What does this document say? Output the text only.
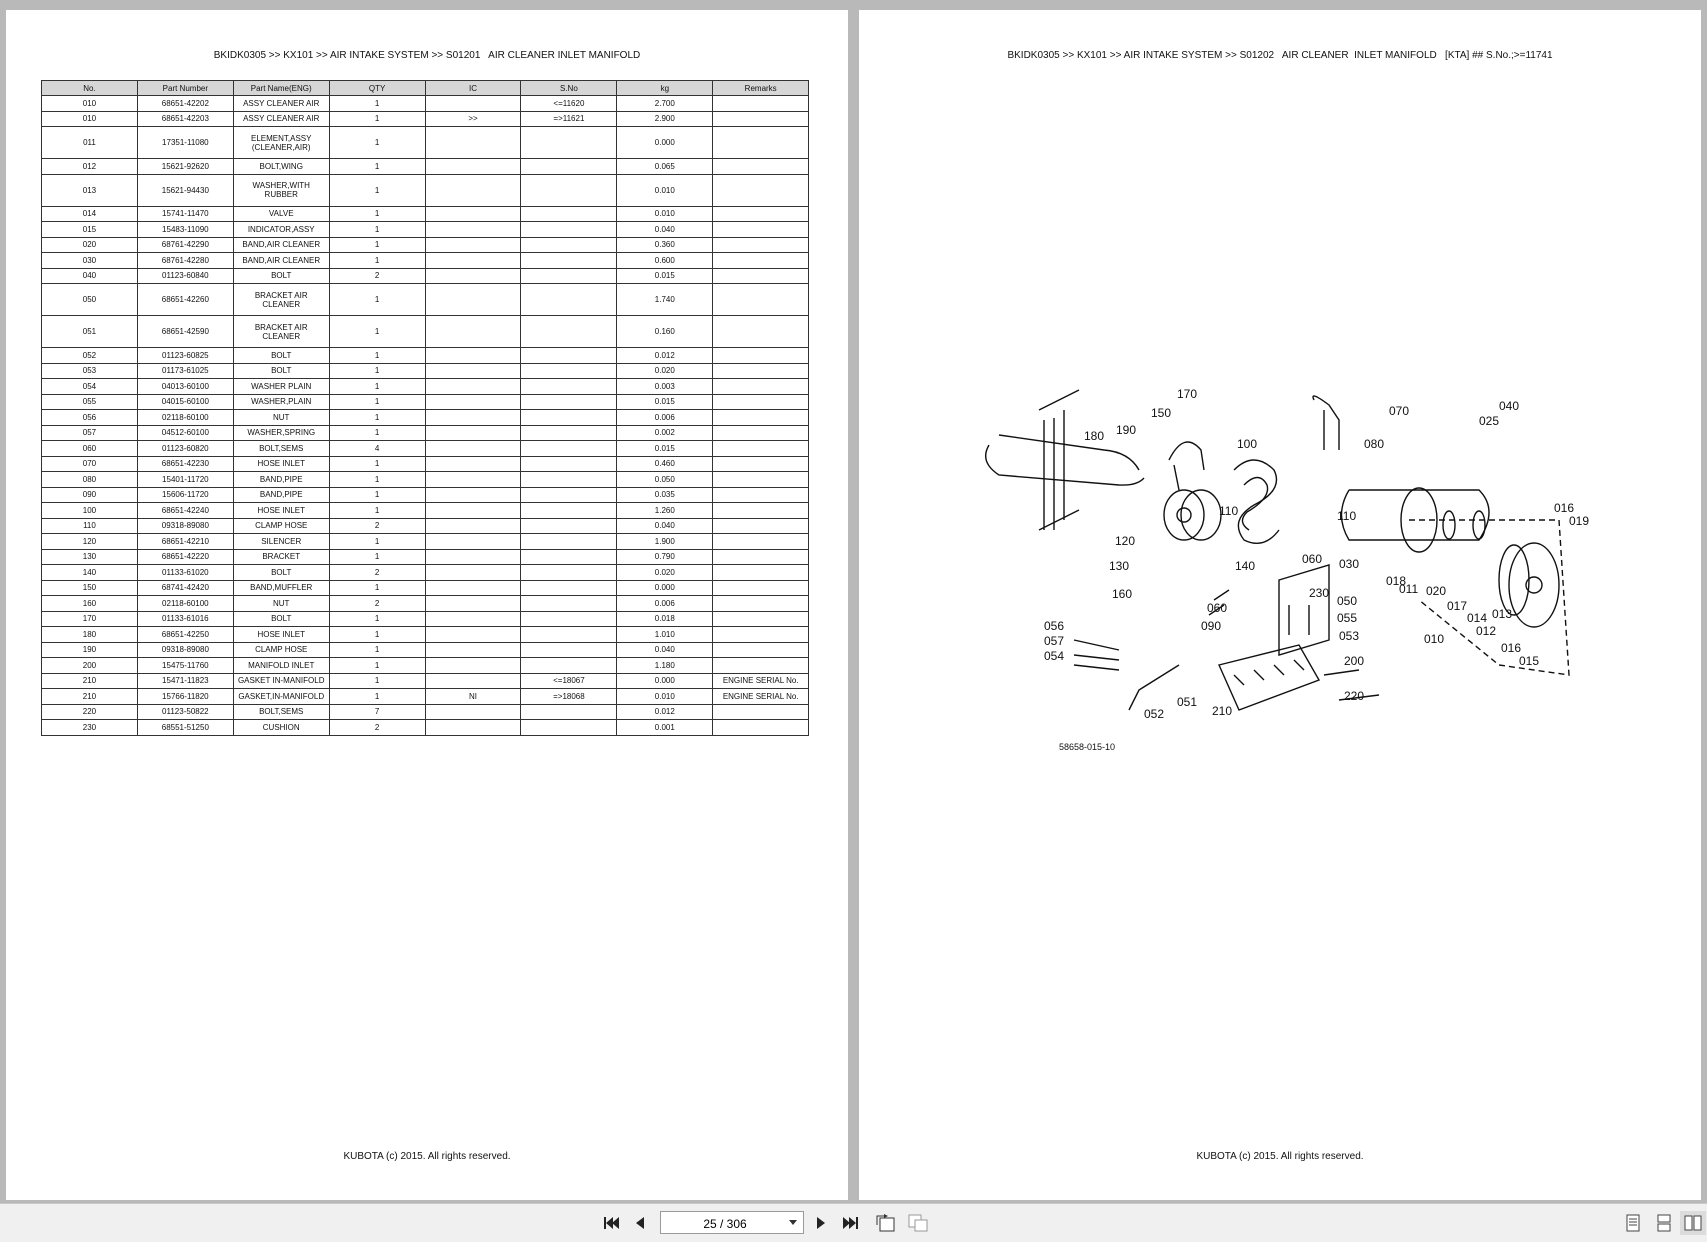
BKIDK0305 >> KX101 >> AIR INTAKE SYSTEM >> S01201   AIR CLEANER INLET MANIFOLD
No.	Part Number	Part Name(ENG)	QTY	IC	S.No	kg	Remarks
010	68651-42202	ASSY CLEANER AIR	1		<=11620	2.700	
010	68651-42203	ASSY CLEANER AIR	1	>>	=>11621	2.900	
011	17351-11080	ELEMENT,ASSY (CLEANER,AIR)	1			0.000	
012	15621-92620	BOLT,WING	1			0.065	
013	15621-94430	WASHER,WITH RUBBER	1			0.010	
014	15741-11470	VALVE	1			0.010	
015	15483-11090	INDICATOR,ASSY	1			0.040	
020	68761-42290	BAND,AIR CLEANER	1			0.360	
030	68761-42280	BAND,AIR CLEANER	1			0.600	
040	01123-60840	BOLT	2			0.015	
050	68651-42260	BRACKET AIR CLEANER	1			1.740	
051	68651-42590	BRACKET AIR CLEANER	1			0.160	
052	01123-60825	BOLT	1			0.012	
053	01173-61025	BOLT	1			0.020	
054	04013-60100	WASHER PLAIN	1			0.003	
055	04015-60100	WASHER,PLAIN	1			0.015	
056	02118-60100	NUT	1			0.006	
057	04512-60100	WASHER,SPRING	1			0.002	
060	01123-60820	BOLT,SEMS	4			0.015	
070	68651-42230	HOSE INLET	1			0.460	
080	15401-11720	BAND,PIPE	1			0.050	
090	15606-11720	BAND,PIPE	1			0.035	
100	68651-42240	HOSE INLET	1			1.260	
110	09318-89080	CLAMP HOSE	2			0.040	
120	68651-42210	SILENCER	1			1.900	
130	68651-42220	BRACKET	1			0.790	
140	01133-61020	BOLT	2			0.020	
150	68741-42420	BAND,MUFFLER	1			0.000	
160	02118-60100	NUT	2			0.006	
170	01133-61016	BOLT	1			0.018	
180	68651-42250	HOSE INLET	1			1.010	
190	09318-89080	CLAMP HOSE	1			0.040	
200	15475-11760	MANIFOLD INLET	1			1.180	
210	15471-11823	GASKET IN-MANIFOLD	1		<=18067	0.000	ENGINE SERIAL No.
210	15766-11820	GASKET,IN-MANIFOLD	1	NI	=>18068	0.010	ENGINE SERIAL No.
220	01123-50822	BOLT,SEMS	7			0.012	
230	68551-51250	CUSHION	2			0.001	
KUBOTA (c) 2015. All rights reserved.
BKIDK0305 >> KX101 >> AIR INTAKE SYSTEM >> S01202   AIR CLEANER  INLET MANIFOLD   [KTA] ## S.No.;>=11741
170
150
190
180
100
070
080
025
040
016
019
110	110
120
130	140	060 030
230
018
011 020
017
014 013
012
010
016
015
160
060
090
050
055
053
056
057
054	200
051
052	210
220
58658-015-10
KUBOTA (c) 2015. All rights reserved.
25 / 306
